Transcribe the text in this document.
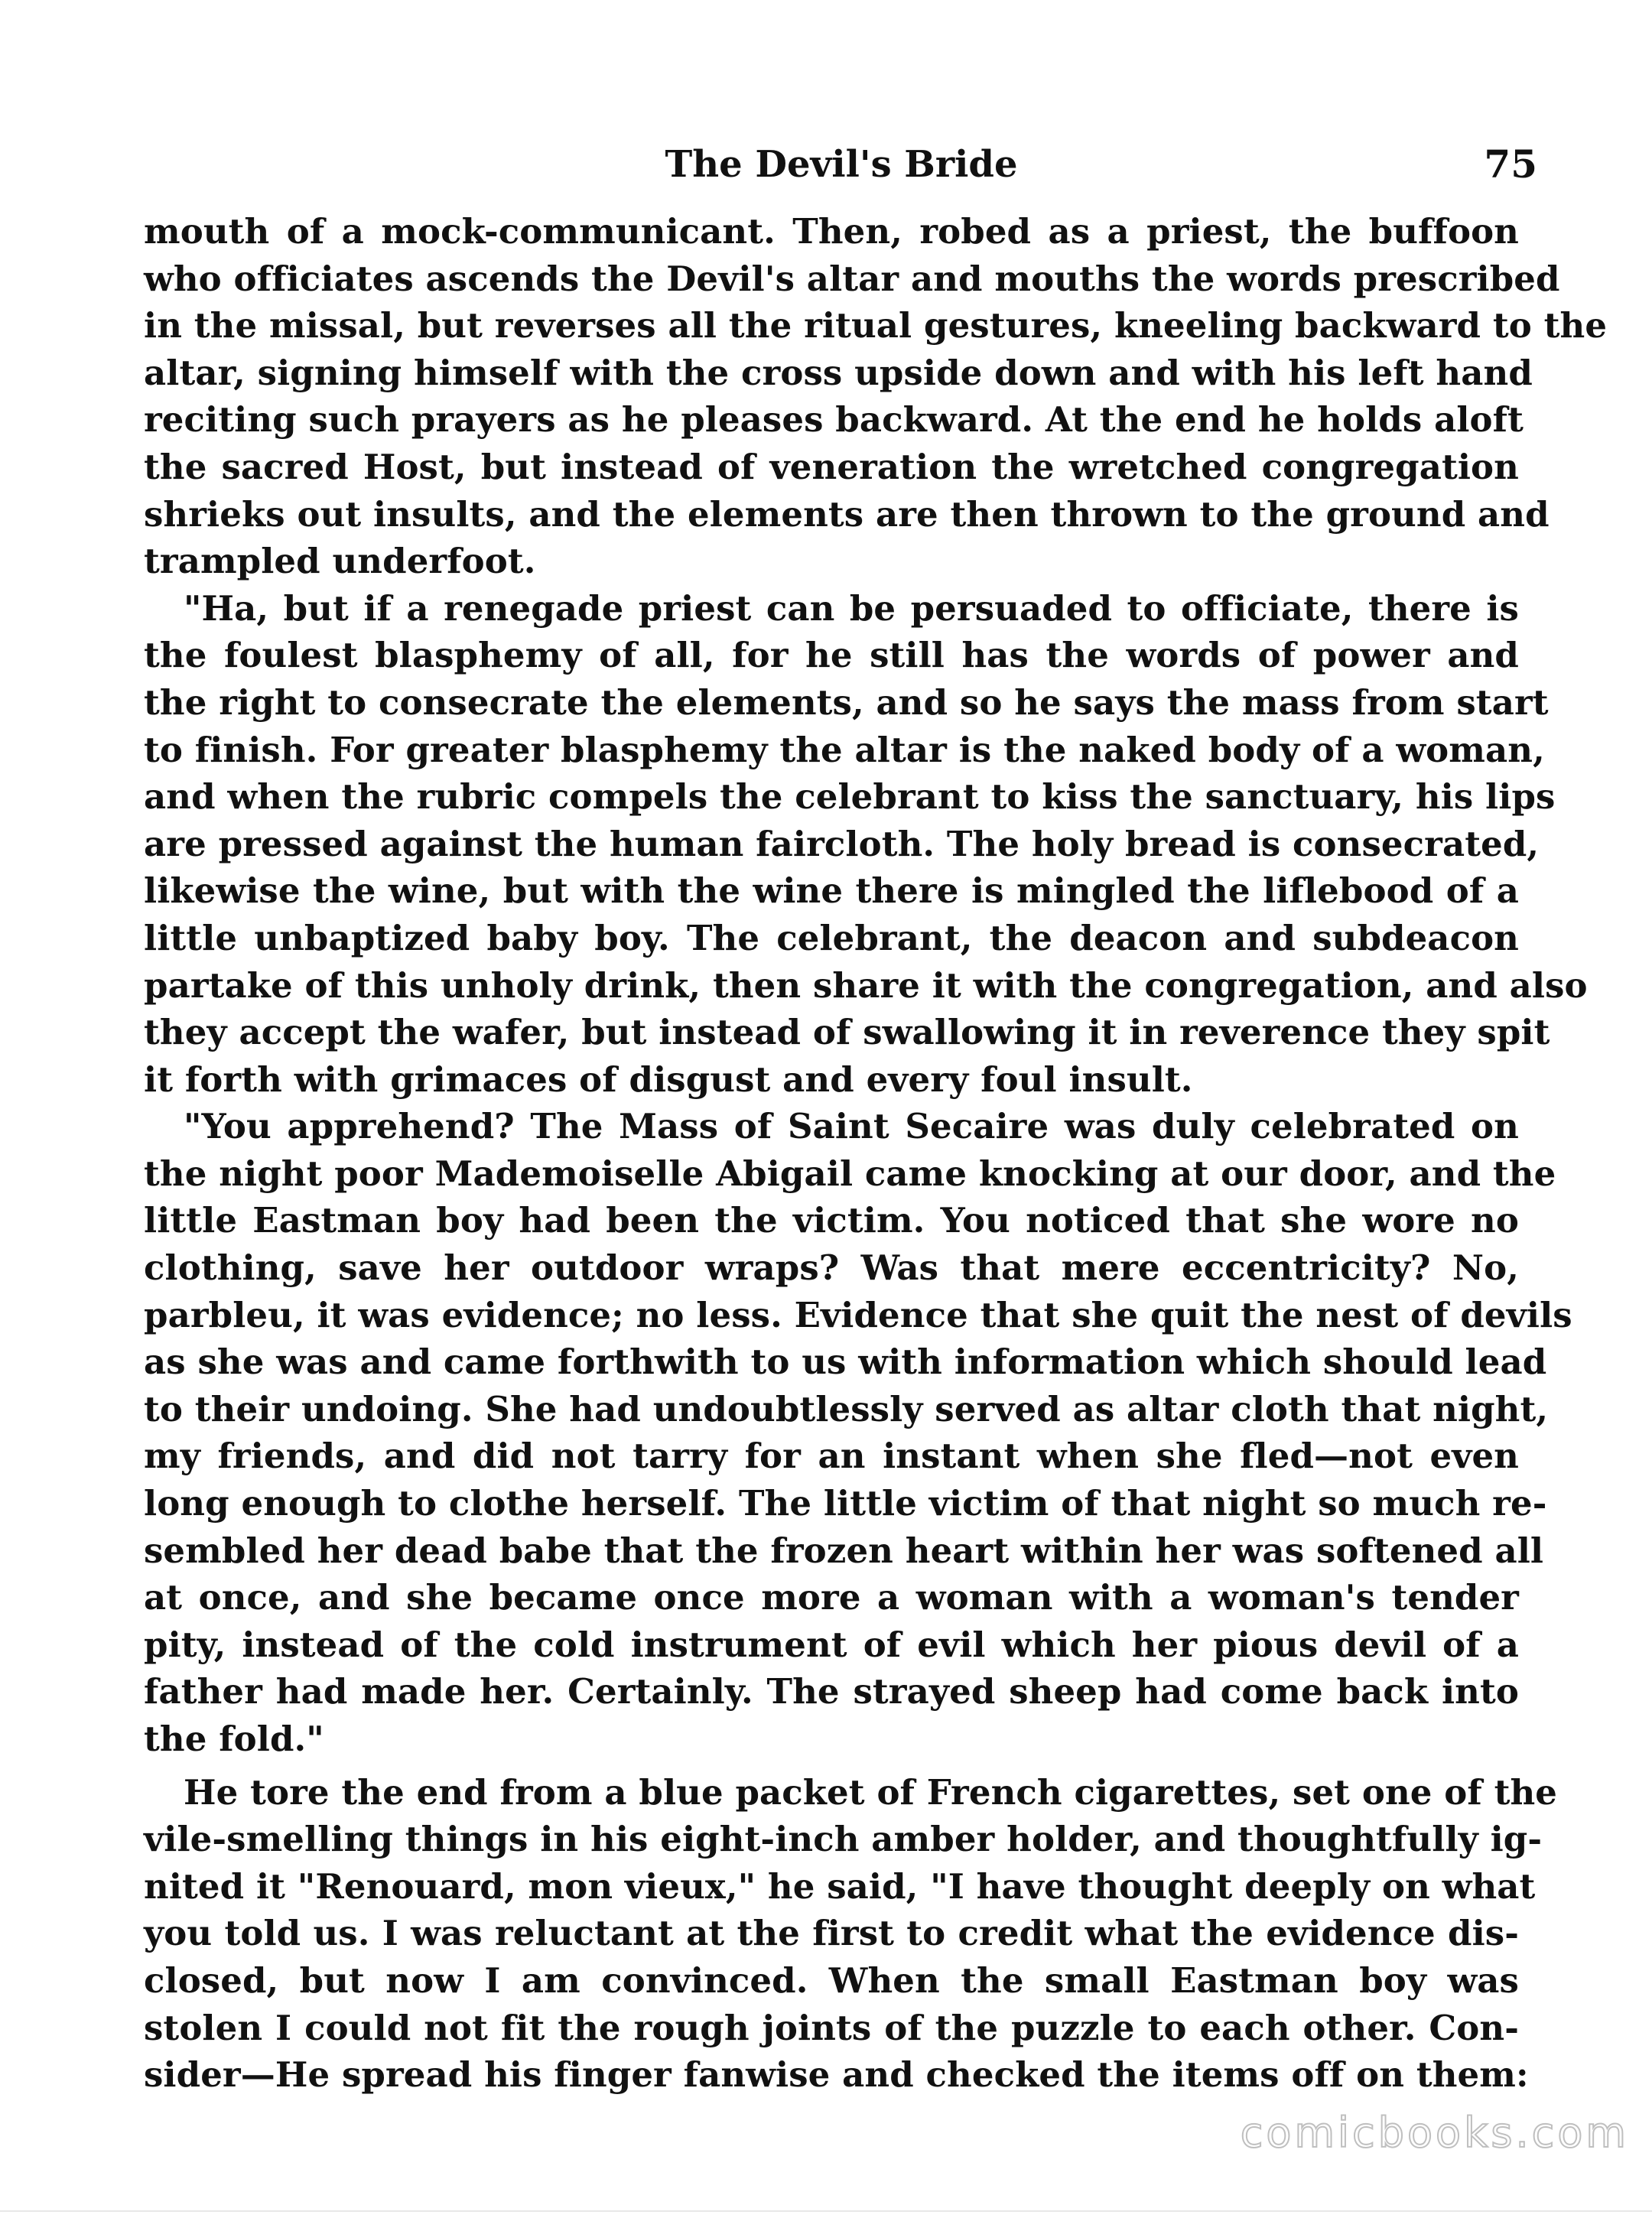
The Devil's Bride	75
mouth of a mock-communicant. Then, robed as a priest, the buffoon
who officiates ascends the Devil's altar and mouths the words prescribed
in the missal, but reverses all the ritual gestures, kneeling backward to the
altar, signing himself with the cross upside down and with his left hand
reciting such prayers as he pleases backward. At the end he holds aloft
the sacred Host, but instead of veneration the wretched congregation
shrieks out insults, and the elements are then thrown to the ground and
trampled underfoot.
"Ha, but if a renegade priest can be persuaded to officiate, there is
the foulest blasphemy of all, for he still has the words of power and
the right to consecrate the elements, and so he says the mass from start
to finish. For greater blasphemy the altar is the naked body of a woman,
and when the rubric compels the celebrant to kiss the sanctuary, his lips
are pressed against the human faircloth. The holy bread is consecrated,
likewise the wine, but with the wine there is mingled the liflebood of a
little unbaptized baby boy. The celebrant, the deacon and subdeacon
partake of this unholy drink, then share it with the congregation, and also
they accept the wafer, but instead of swallowing it in reverence they spit
it forth with grimaces of disgust and every foul insult.
"You apprehend? The Mass of Saint Secaire was duly celebrated on
the night poor Mademoiselle Abigail came knocking at our door, and the
little Eastman boy had been the victim. You noticed that she wore no
clothing, save her outdoor wraps? Was that mere eccentricity? No,
parbleu, it was evidence; no less. Evidence that she quit the nest of devils
as she was and came forthwith to us with information which should lead
to their undoing. She had undoubtlessly served as altar cloth that night,
my friends, and did not tarry for an instant when she fled—not even
long enough to clothe herself. The little victim of that night so much re-
sembled her dead babe that the frozen heart within her was softened all
at once, and she became once more a woman with a woman's tender
pity, instead of the cold instrument of evil which her pious devil of a
father had made her. Certainly. The strayed sheep had come back into
the fold."
He tore the end from a blue packet of French cigarettes, set one of the
vile-smelling things in his eight-inch amber holder, and thoughtfully ig-
nited it "Renouard, mon vieux," he said, "I have thought deeply on what
you told us. I was reluctant at the first to credit what the evidence dis-
closed, but now I am convinced. When the small Eastman boy was
stolen I could not fit the rough joints of the puzzle to each other. Con-
sider—He spread his finger fanwise and checked the items off on them:
comicbooks.com
